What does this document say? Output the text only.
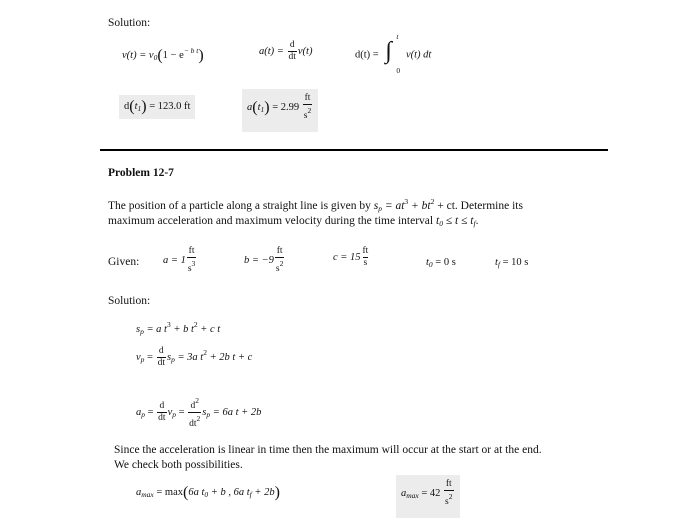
Solution:
$v(t) = v_0(1 - e^{- b t})$	$a(t) = \frac{d}{dt} v(t)$	d(t) = ∫
t
0
v(t) dt
$d(t_1) = 123.0$ ft	$a(t_1) = 2.99 \frac{ft}{s^2}$
Problem 12-7
The position of a particle along a straight line is given by $s_p = at^3 + bt^2$ + ct. Determine its
maximum acceleration and maximum velocity during the time interval $t_0 \le t \le t_f$.
Given: $a = 1 \frac{ft}{s^3}$	$b = -9 \frac{ft}{s^2}$	$c = 15 \frac{ft}{s}$	$t_0 = 0$ s	$t_f = 10$ s
Solution:
$s_p = a$ $t^3 + b$ $t^2 + c$ t
$v_p = \frac{d}{dt} s_p = 3a$ $t^2 + 2b$ t + c
$a_p = \frac{d}{dt} v_p = \frac{d^2}{dt^2} s_p = 6a$ t + 2b
Since the acceleration is linear in time then the maximum will occur at the start or at the end.
We check both possibilities.
$a_{max} = \max(6a$ $t_0 + b$ , 6a $t_f + 2b$)	$a_{max} = 42 \frac{ft}{s^2}$
